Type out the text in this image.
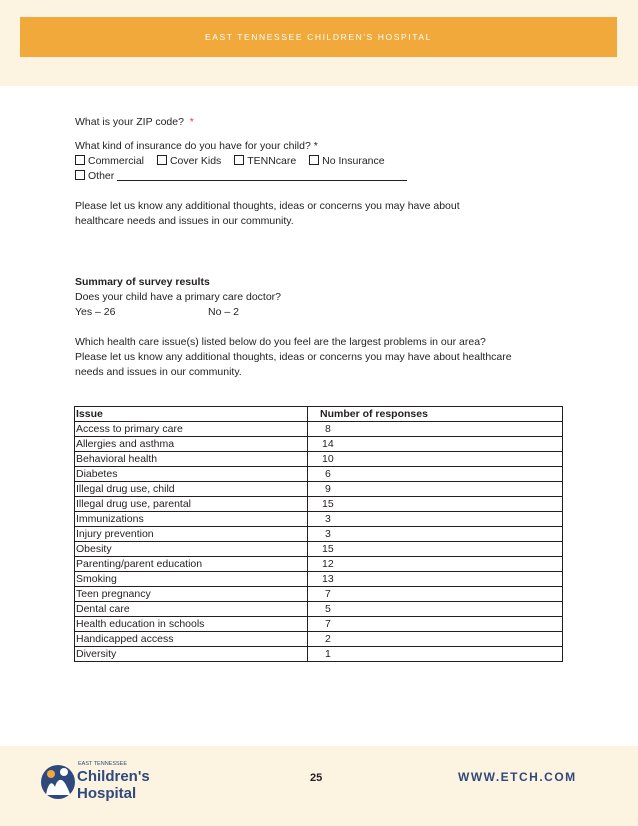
EAST TENNESSEE CHILDREN'S HOSPITAL

What is your ZIP code? *

What kind of insurance do you have for your child? *

Commercial Cover Kids TENNcare No Insurance

Other

Please let us know any additional thoughts, ideas or concerns you may have about

healthcare needs and issues in our community.

Summary of survey results

Does your child have a primary care doctor?

Yes – 26	No – 2

Which health care issue(s) listed below do you feel are the largest problems in our area?

Please let us know any additional thoughts, ideas or concerns you may have about healthcare

needs and issues in our community.

Issue	Number of responses
Access to primary care	8
Allergies and asthma	14
Behavioral health	10
Diabetes	6
Illegal drug use, child	9
Illegal drug use, parental	15
Immunizations	3
Injury prevention	3
Obesity	15
Parenting/parent education	12
Smoking	13
Teen pregnancy	7
Dental care	5
Health education in schools	7
Handicapped access	2
Diversity	1
EAST TENNESSEE
Children's
Hospital
25	WWW.ETCH.COM
